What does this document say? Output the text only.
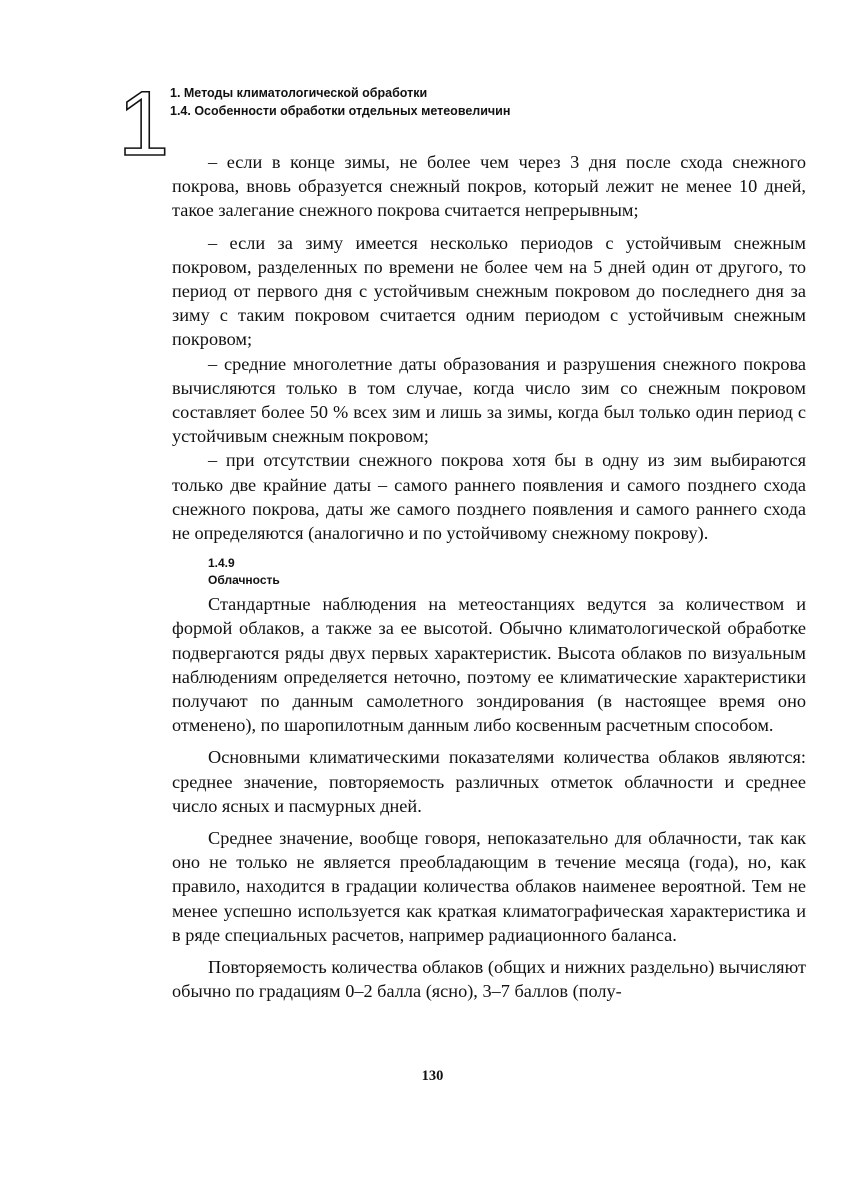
1 1. Методы климатологической обработки
1.4. Особенности обработки отдельных метеовеличин

– если в конце зимы, не более чем через 3 дня после схода снежного покрова, вновь образуется снежный покров, который лежит не менее 10 дней, такое залегание снежного покрова считается непрерывным;

– если за зиму имеется несколько периодов с устойчивым снежным покровом, разделенных по времени не более чем на 5 дней один от другого, то период от первого дня с устойчивым снежным покровом до последнего дня за зиму с таким покровом считается одним периодом с устойчивым снежным покровом;

– средние многолетние даты образования и разрушения снежного покрова вычисляются только в том случае, когда число зим со снежным покровом составляет более 50 % всех зим и лишь за зимы, когда был только один период с устойчивым снежным покровом;

– при отсутствии снежного покрова хотя бы в одну из зим выбираются только две крайние даты – самого раннего появления и самого позднего схода снежного покрова, даты же самого позднего появления и самого раннего схода не определяются (аналогично и по устойчивому снежному покрову).

1.4.9
Облачность

Стандартные наблюдения на метеостанциях ведутся за количеством и формой облаков, а также за ее высотой. Обычно климатологической обработке подвергаются ряды двух первых характеристик. Высота облаков по визуальным наблюдениям определяется неточно, поэтому ее климатические характеристики получают по данным самолетного зондирования (в настоящее время оно отменено), по шаропилотным данным либо косвенным расчетным способом.

Основными климатическими показателями количества облаков являются: среднее значение, повторяемость различных отметок облачности и среднее число ясных и пасмурных дней.

Среднее значение, вообще говоря, непоказательно для облачности, так как оно не только не является преобладающим в течение месяца (года), но, как правило, находится в градации количества облаков наименее вероятной. Тем не менее успешно используется как краткая климатографическая характеристика и в ряде специальных расчетов, например радиационного баланса.

Повторяемость количества облаков (общих и нижних раздельно) вычисляют обычно по градациям 0–2 балла (ясно), 3–7 баллов (полу-

130
